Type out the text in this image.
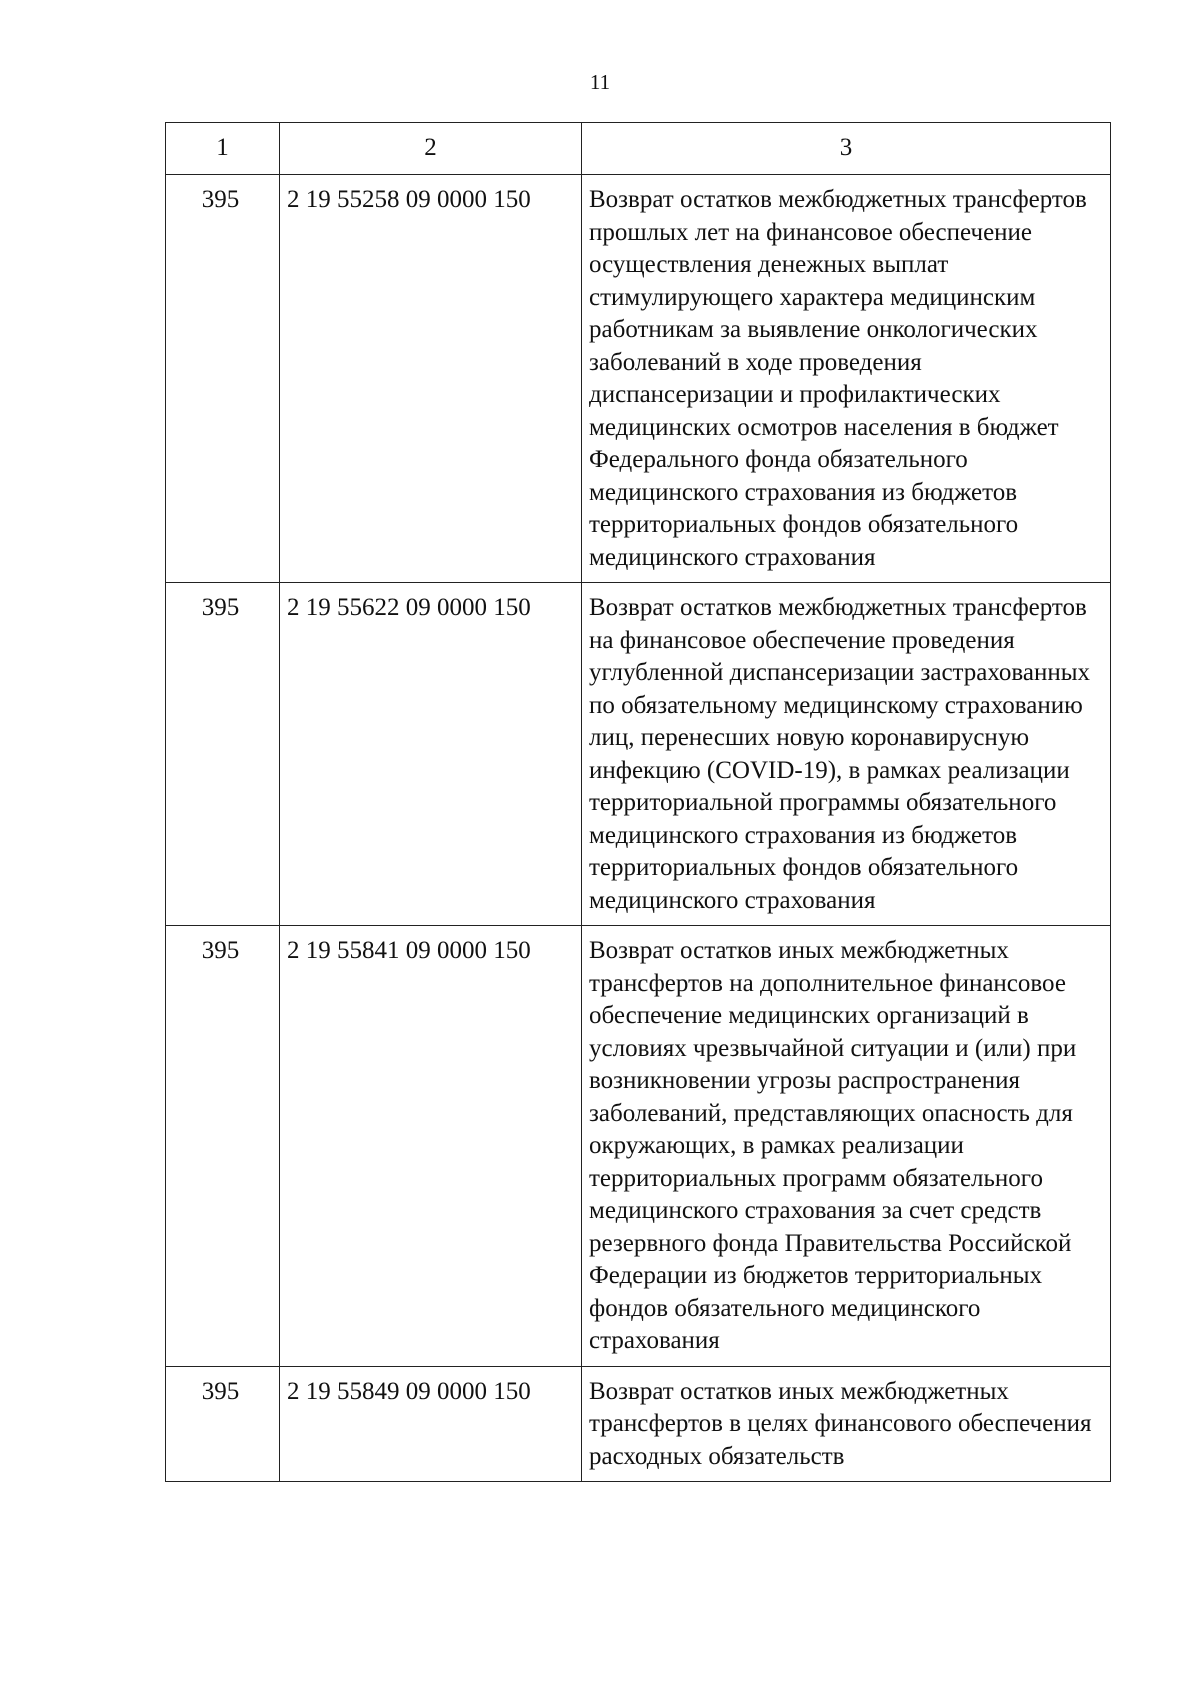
11
1	2	3
395	2 19 55258 09 0000 150	Возврат остатков межбюджетных трансфертов прошлых лет на финансовое обеспечение осуществления денежных выплат стимулирующего характера медицинским работникам за выявление онкологических заболеваний в ходе проведения диспансеризации и профилактических медицинских осмотров населения в бюджет Федерального фонда обязательного медицинского страхования из бюджетов территориальных фондов обязательного медицинского страхования
395	2 19 55622 09 0000 150	Возврат остатков межбюджетных трансфертов на финансовое обеспечение проведения углубленной диспансеризации застрахованных по обязательному медицинскому страхованию лиц, перенесших новую коронавирусную инфекцию (COVID-19), в рамках реализации территориальной программы обязательного медицинского страхования из бюджетов территориальных фондов обязательного медицинского страхования
395	2 19 55841 09 0000 150	Возврат остатков иных межбюджетных трансфертов на дополнительное финансовое обеспечение медицинских организаций в условиях чрезвычайной ситуации и (или) при возникновении угрозы распространения заболеваний, представляющих опасность для окружающих, в рамках реализации территориальных программ обязательного медицинского страхования за счет средств резервного фонда Правительства Российской Федерации из бюджетов территориальных фондов обязательного медицинского страхования
395	2 19 55849 09 0000 150	Возврат остатков иных межбюджетных трансфертов в целях финансового обеспечения расходных обязательств
